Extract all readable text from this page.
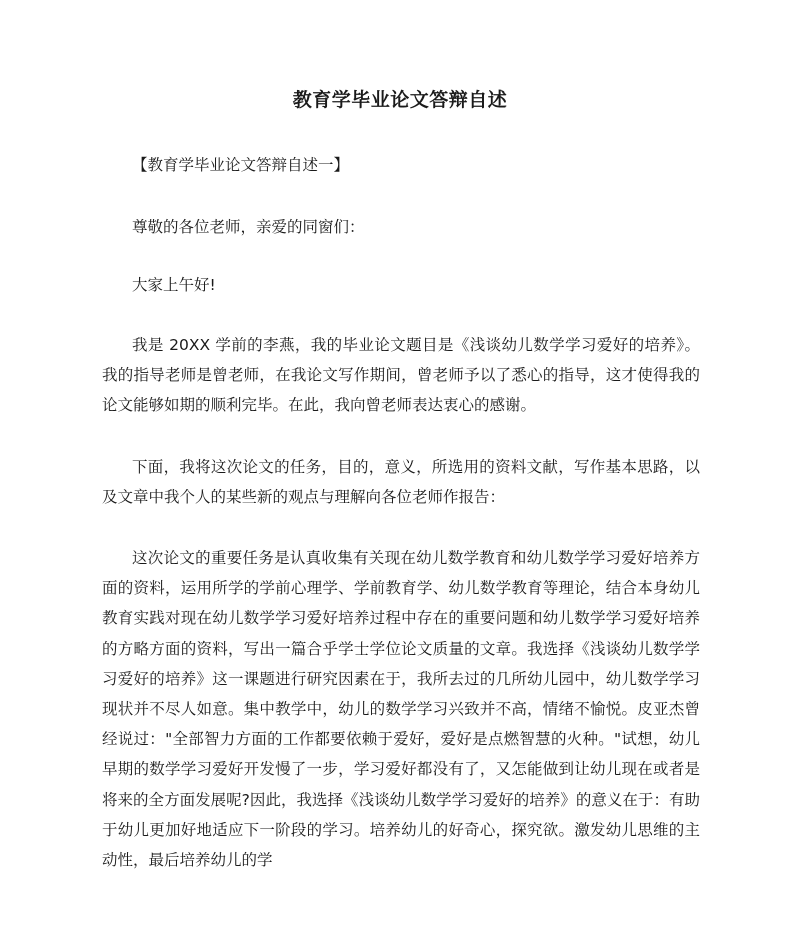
教育学毕业论文答辩自述

【教育学毕业论文答辩自述一】

尊敬的各位老师，亲爱的同窗们：

大家上午好!

我是 20XX 学前的李燕，我的毕业论文题目是《浅谈幼儿数学学习爱好的培养》。我的指导老师是曾老师，在我论文写作期间，曾老师予以了悉心的指导，这才使得我的论文能够如期的顺利完毕。在此，我向曾老师表达衷心的感谢。

下面，我将这次论文的任务，目的，意义，所选用的资料文献，写作基本思路，以及文章中我个人的某些新的观点与理解向各位老师作报告：

这次论文的重要任务是认真收集有关现在幼儿数学教育和幼儿数学学习爱好培养方面的资料，运用所学的学前心理学、学前教育学、幼儿数学教育等理论，结合本身幼儿教育实践对现在幼儿数学学习爱好培养过程中存在的重要问题和幼儿数学学习爱好培养的方略方面的资料，写出一篇合乎学士学位论文质量的文章。我选择《浅谈幼儿数学学习爱好的培养》这一课题进行研究因素在于，我所去过的几所幼儿园中，幼儿数学学习现状并不尽人如意。集中教学中，幼儿的数学学习兴致并不高，情绪不愉悦。皮亚杰曾经说过："全部智力方面的工作都要依赖于爱好，爱好是点燃智慧的火种。"试想，幼儿早期的数学学习爱好开发慢了一步，学习爱好都没有了，又怎能做到让幼儿现在或者是将来的全方面发展呢?因此，我选择《浅谈幼儿数学学习爱好的培养》的意义在于：有助于幼儿更加好地适应下一阶段的学习。培养幼儿的好奇心，探究欲。激发幼儿思维的主动性，最后培养幼儿的学
